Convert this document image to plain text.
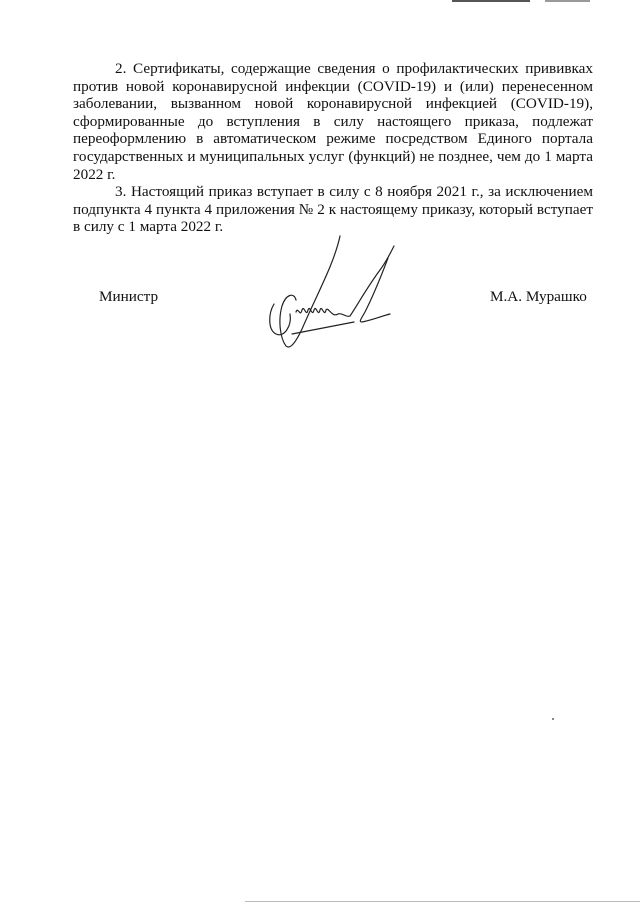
2. Сертификаты, содержащие сведения о профилактических прививках против новой коронавирусной инфекции (COVID-19) и (или) перенесенном заболевании, вызванном новой коронавирусной инфекцией (COVID-19), сформированные до вступления в силу настоящего приказа, подлежат переоформлению в автоматическом режиме посредством Единого портала государственных и муниципальных услуг (функций) не позднее, чем до 1 марта 2022 г.

3. Настоящий приказ вступает в силу с 8 ноября 2021 г., за исключением подпункта 4 пункта 4 приложения № 2 к настоящему приказу, который вступает в силу с 1 марта 2022 г.

Министр	М.А. Мурашко
